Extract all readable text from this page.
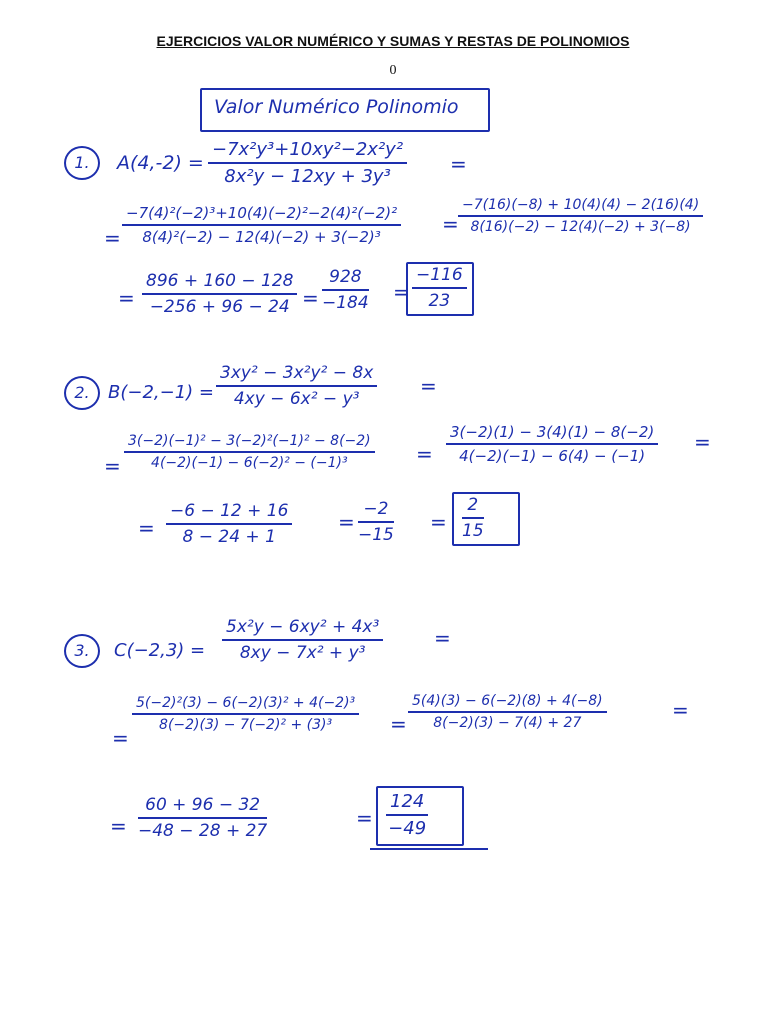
EJERCICIOS VALOR NUMÉRICO Y SUMAS Y RESTAS DE POLINOMIOS
0
Valor Numérico Polinomio
1. $A(4,-2) = \frac{\text{−7x²y³+10xy²−2x²y²}}{\text{8x²y − 12xy + 3y³}}$ =
= $\frac{\text{−7(4)²(−2)³+10(4)(−2)²−2(4)²(−2)²}}{\text{8(4)²(−2) − 12(4)(−2) + 3(−2)³}} = \frac{-7(16)(-8) + 10(4)(4) - 2(16)(4)}{8(16)(-2) - 12(4)(-2) + 3(-8)}$
= $\frac{896 + 160 - 128}{-256 + 96 - 24} = \frac{928}{-184} = \frac{-116}{23}$
2. $B(-2,-1) = \frac{\text{3xy² − 3x²y² − 8x}}{\text{4xy − 6x² − y³}}$ =
= $\frac{\text{3(−2)(−1)² − 3(−2)²(−1)² − 8(−2)}}{\text{4(−2)(−1) − 6(−2)² − (−1)³}} = \frac{3(-2)(1) - 3(4)(1) - 8(-2)}{4(-2)(-1) - 6(4) - (-1)}$ =
= $\frac{-6 - 12 + 16}{8 - 24 + 1} = \frac{-2}{-15} = \frac{2}{15}$
3. $C(-2,3) = \frac{\text{5x²y − 6xy² + 4x³}}{\text{8xy − 7x² + y³}}$	=
=
$\frac{\text{5(−2)²(3) − 6(−2)(3)² + 4(−2)³}}{\text{8(−2)(3) − 7(−2)² + (3)³}} = \frac{5(4)(3) - 6(-2)(8) + 4(-8)}{8(-2)(3) - 7(4) + 27}$	=
= $\frac{60 + 96 - 32}{-48 - 28 + 27}$	= $\frac{124}{-49}$
